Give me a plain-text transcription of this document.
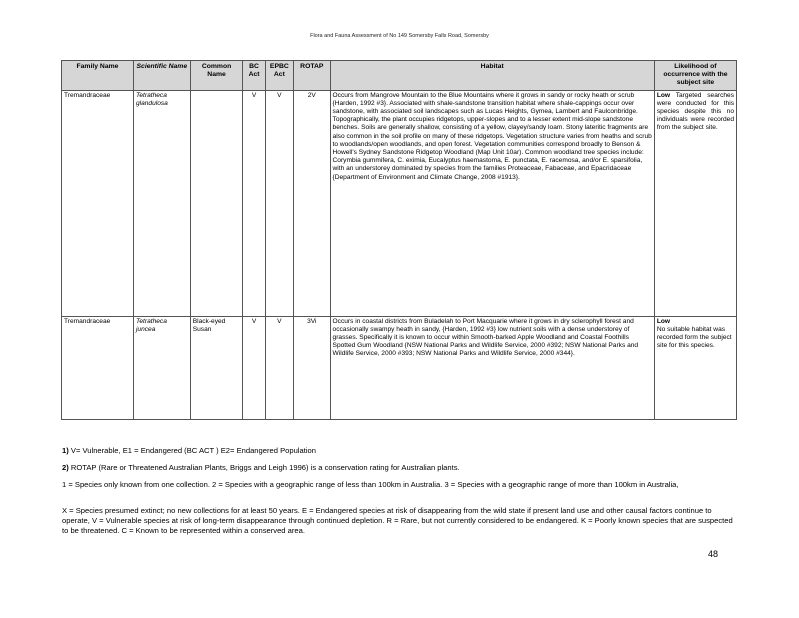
Flora and Fauna Assessment of No 149 Somersby Falls Road, Somersby
Family Name	Scientific Name	Common Name	BC Act	EPBC Act	ROTAP	Habitat	Likelihood of occurrence with the subject site
Tremandraceae	Tetratheca glandulosa		V	V	2V	Occurs from Mangrove Mountain to the Blue Mountains where it grows in sandy or rocky heath or scrub {Harden, 1992 #3}. Associated with shale-sandstone transition habitat where shale-cappings occur over sandstone, with associated soil landscapes such as Lucas Heights, Gymea, Lambert and Faulconbridge. Topographically, the plant occupies ridgetops, upper-slopes and to a lesser extent mid-slope sandstone benches. Soils are generally shallow, consisting of a yellow, clayey/sandy loam. Stony lateritic fragments are also common in the soil profile on many of these ridgetops. Vegetation structure varies from heaths and scrub to woodlands/open woodlands, and open forest. Vegetation communities correspond broadly to Benson & Howell's Sydney Sandstone Ridgetop Woodland (Map Unit 10ar). Common woodland tree species include: Corymbia gummifera, C. eximia, Eucalyptus haemastoma, E. punctata, E. racemosa, and/or E. sparsifolia, with an understorey dominated by species from the families Proteaceae, Fabaceae, and Epacridaceae {Department of Environment and Climate Change, 2008 #1913}.	Low Targeted searches were conducted for this species despite this no individuals were recorded from the subject site.
Tremandraceae	Tetratheca juncea	Black-eyed Susan	V	V	3Vi	Occurs in coastal districts from Buladelah to Port Macquarie where it grows in dry sclerophyll forest and occasionally swampy heath in sandy, {Harden, 1992 #3} low nutrient soils with a dense understorey of grasses. Specifically it is known to occur within Smooth-barked Apple Woodland and Coastal Foothills Spotted Gum Woodland {NSW National Parks and Wildlife Service, 2000 #392; NSW National Parks and Wildlife Service, 2000 #393; NSW National Parks and Wildlife Service, 2000 #344}.	Low
No suitable habitat was recorded form the subject site for this species.

1) V= Vulnerable, E1 = Endangered (BC ACT ) E2= Endangered Population

2) ROTAP (Rare or Threatened Australian Plants, Briggs and Leigh 1996) is a conservation rating for Australian plants.

1 = Species only known from one collection. 2 = Species with a geographic range of less than 100km in Australia. 3 = Species with a geographic range of more than 100km in Australia,

X = Species presumed extinct; no new collections for at least 50 years. E = Endangered species at risk of disappearing from the wild state if present land use and other causal factors continue to operate, V = Vulnerable species at risk of long-term disappearance through continued depletion. R = Rare, but not currently considered to be endangered. K = Poorly known species that are suspected to be threatened. C = Known to be represented within a conserved area.

48
